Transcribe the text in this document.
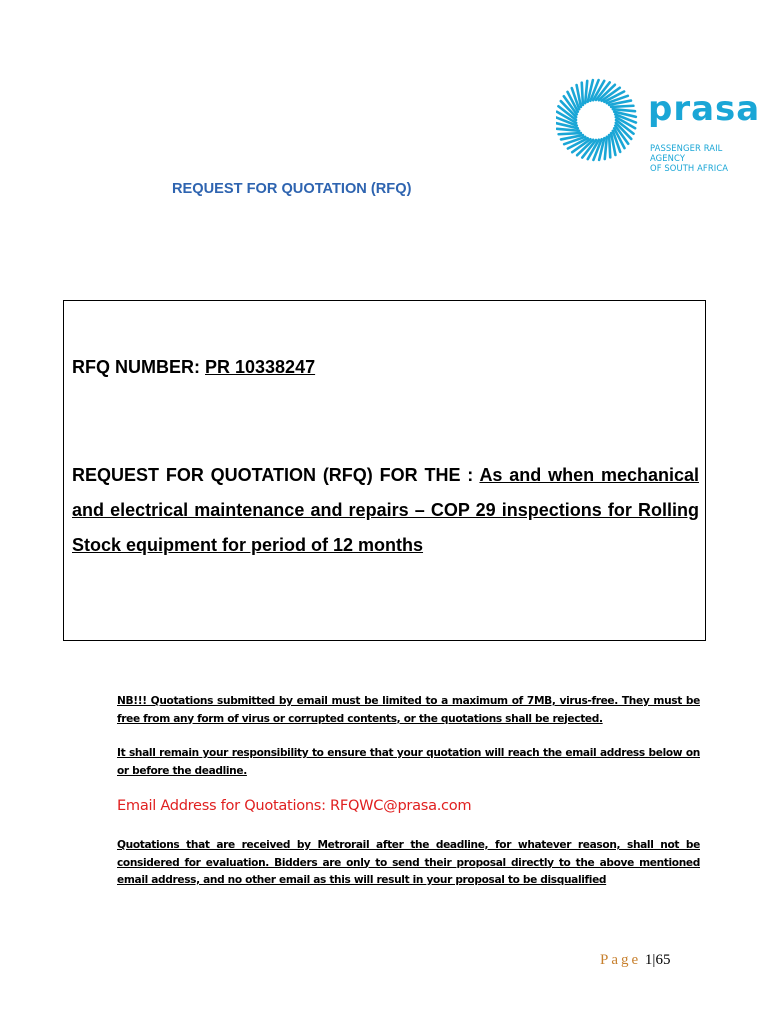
prasa
PASSENGER RAIL AGENCY
OF SOUTH AFRICA
REQUEST FOR QUOTATION (RFQ)
RFQ NUMBER: PR 10338247
REQUEST FOR QUOTATION (RFQ) FOR THE : As and when mechanical and electrical maintenance and repairs – COP 29 inspections for Rolling Stock equipment for period of 12 months

NB!!! Quotations submitted by email must be limited to a maximum of 7MB, virus-free. They must be free from any form of virus or corrupted contents, or the quotations shall be rejected.

It shall remain your responsibility to ensure that your quotation will reach the email address below on or before the deadline.

Quotations that are received by Metrorail after the deadline, for whatever reason, shall not be considered for evaluation. Bidders are only to send their proposal directly to the above mentioned email address, and no other email as this will result in your proposal to be disqualified

Email Address for Quotations: RFQWC@prasa.com
Page 1|65
